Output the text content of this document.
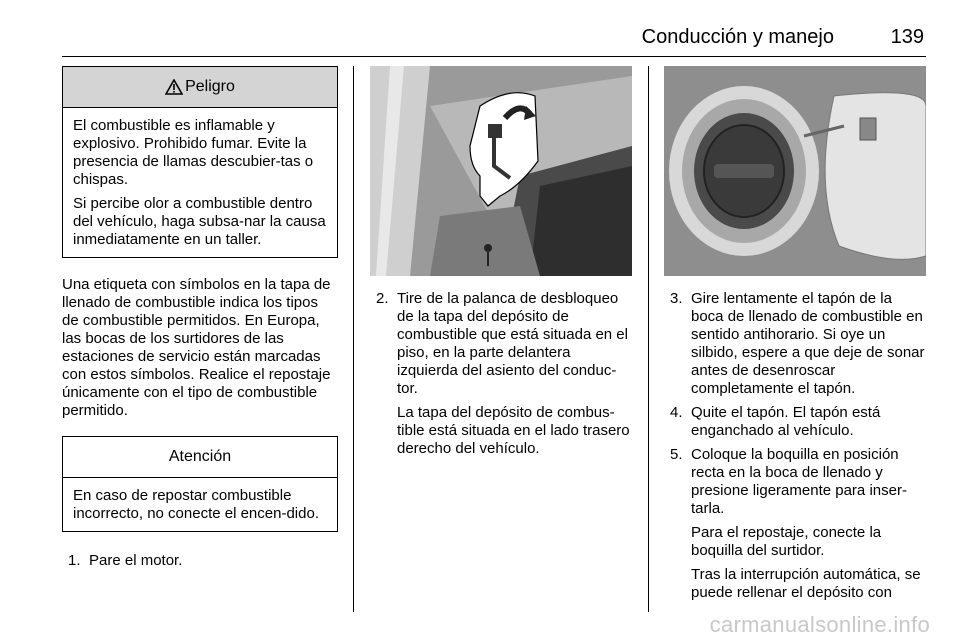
Conducción y manejo	139
Peligro

El combustible es inflamable y explosivo. Prohibido fumar. Evite la presencia de llamas descubier-tas o chispas.

Si percibe olor a combustible dentro del vehículo, haga subsa-nar la causa inmediatamente en un taller.

Una etiqueta con símbolos en la tapa de llenado de combustible indica los tipos de combustible permitidos. En Europa, las bocas de los surtidores de las estaciones de servicio están marcadas con estos símbolos. Realice el repostaje únicamente con el tipo de combustible permitido.

Atención

En caso de repostar combustible incorrecto, no conecte el encen-dido.

1. Pare el motor.
2. Tire de la palanca de desbloqueo de la tapa del depósito de combustible que está situada en el piso, en la parte delantera izquierda del asiento del conduc-tor.
La tapa del depósito de combus-tible está situada en el lado trasero derecho del vehículo.
3. Gire lentamente el tapón de la boca de llenado de combustible en sentido antihorario. Si oye un silbido, espere a que deje de sonar antes de desenroscar completamente el tapón.
4. Quite el tapón. El tapón está enganchado al vehículo.
5. Coloque la boquilla en posición recta en la boca de llenado y presione ligeramente para inser-tarla.
Para el repostaje, conecte la boquilla del surtidor.
Tras la interrupción automática, se puede rellenar el depósito con
carmanualsonline.info
